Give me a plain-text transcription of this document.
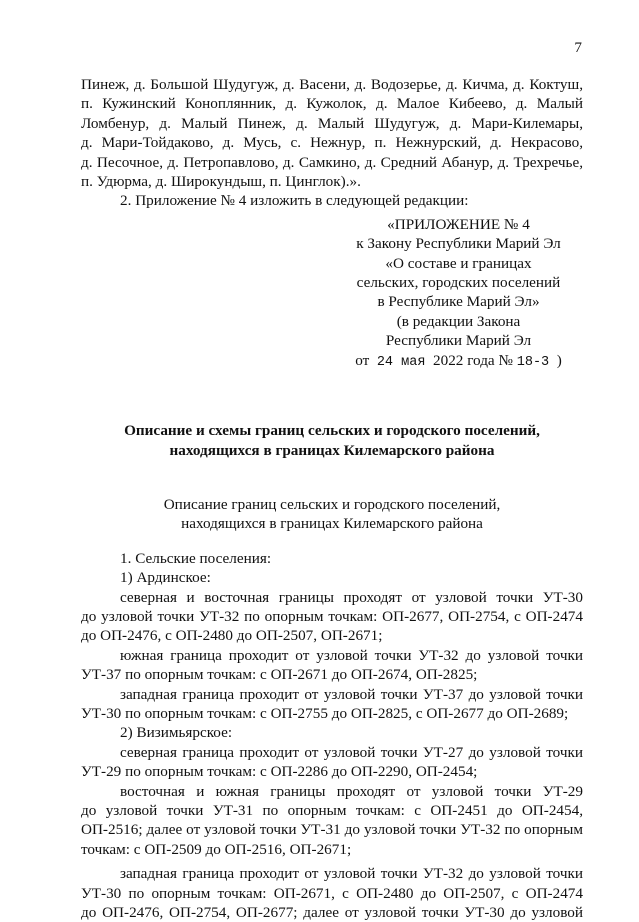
7

Пинеж, д. Большой Шудугуж, д. Васени, д. Водозерье, д. Кичма, д. Коктуш,

п. Кужинский Коноплянник, д. Кужолок, д. Малое Кибеево, д. Малый

Ломбенур, д. Малый Пинеж, д. Малый Шудугуж, д. Мари-Килемары,

д. Мари-Тойдаково, д. Мусь, с. Нежнур, п. Нежнурский, д. Некрасово,

д. Песочное, д. Петропавлово, д. Самкино, д. Средний Абанур, д. Трехречье,

п. Удюрма, д. Широкундыш, п. Цинглок).».

2. Приложение № 4 изложить в следующей редакции:

«ПРИЛОЖЕНИЕ № 4
к Закону Республики Марий Эл
«О составе и границах
сельских, городских поселений
в Республике Марий Эл»
(в редакции Закона
Республики Марий Эл
от 24 мая 2022 года № 18-3 )
Описание и схемы границ сельских и городского поселений,
находящихся в границах Килемарского района
Описание границ сельских и городского поселений,
находящихся в границах Килемарского района

1. Сельские поселения:

1) Ардинское:

северная и восточная границы проходят от узловой точки УТ-30

до узловой точки УТ-32 по опорным точкам: ОП-2677, ОП-2754, с ОП-2474

до ОП-2476, с ОП-2480 до ОП-2507, ОП-2671;

южная граница проходит от узловой точки УТ-32 до узловой точки

УТ-37 по опорным точкам: с ОП-2671 до ОП-2674, ОП-2825;

западная граница проходит от узловой точки УТ-37 до узловой точки

УТ-30 по опорным точкам: с ОП-2755 до ОП-2825, с ОП-2677 до ОП-2689;

2) Визимьярское:

северная граница проходит от узловой точки УТ-27 до узловой точки

УТ-29 по опорным точкам: с ОП-2286 до ОП-2290, ОП-2454;

восточная и южная границы проходят от узловой точки УТ-29

до узловой точки УТ-31 по опорным точкам: с ОП-2451 до ОП-2454,

ОП-2516; далее от узловой точки УТ-31 до узловой точки УТ-32 по опорным

точкам: с ОП-2509 до ОП-2516, ОП-2671;

западная граница проходит от узловой точки УТ-32 до узловой точки

УТ-30 по опорным точкам: ОП-2671, с ОП-2480 до ОП-2507, с ОП-2474

до ОП-2476, ОП-2754, ОП-2677; далее от узловой точки УТ-30 до узловой
